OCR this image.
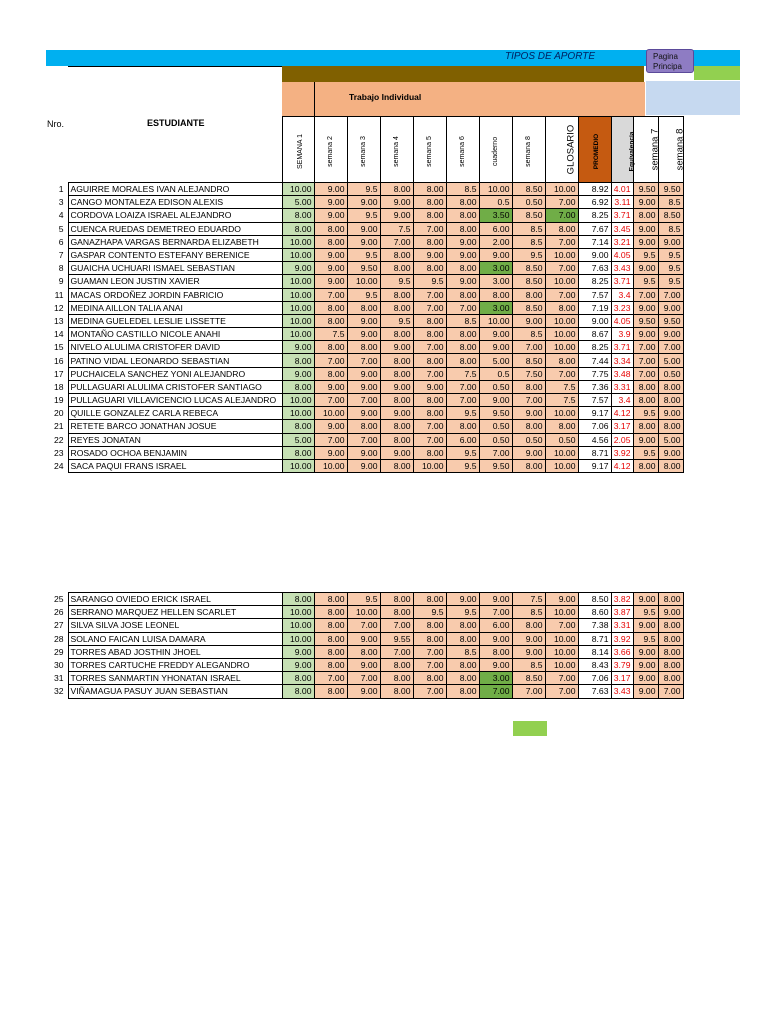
TIPOS DE APORTE	Pagina
Principa
Trabajo Individual
Nro.	ESTUDIANTE
		SEMANA 1	semana 2	semana 3	semana 4	semana 5	semana 6	cuaderno	semana 8	GLOSARIO	PROMEDIO	Equivalencia	semana 7	semana 8
1	AGUIRRE MORALES IVAN ALEJANDRO	10.00	9.00	9.5	8.00	8.00	8.5	10.00	8.50	10.00	8.92	4.01	9.50	9.50
3	CANGO MONTALEZA EDISON ALEXIS	5.00	9.00	9.00	9.00	8.00	8.00	0.5	0.50	7.00	6.92	3.11	9.00	8.5
4	CORDOVA LOAIZA ISRAEL ALEJANDRO	8.00	9.00	9.5	9.00	8.00	8.00	3.50	8.50	7.00	8.25	3.71	8.00	8.50
5	CUENCA RUEDAS DEMETREO EDUARDO	8.00	8.00	9.00	7.5	7.00	8.00	6.00	8.5	8.00	7.67	3.45	9.00	8.5
6	GANAZHAPA VARGAS BERNARDA ELIZABETH	10.00	8.00	9.00	7.00	8.00	9.00	2.00	8.5	7.00	7.14	3.21	9.00	9.00
7	GASPAR CONTENTO ESTEFANY BERENICE	10.00	9.00	9.5	8.00	9.00	9.00	9.00	9.5	10.00	9.00	4.05	9.5	9.5
8	GUAICHA UCHUARI ISMAEL SEBASTIAN	9.00	9.00	9.50	8.00	8.00	8.00	3.00	8.50	7.00	7.63	3.43	9.00	9.5
9	GUAMAN LEON JUSTIN XAVIER	10.00	9.00	10.00	9.5	9.5	9.00	3.00	8.50	10.00	8.25	3.71	9.5	9.5
11	MACAS ORDOÑEZ JORDIN FABRICIO	10.00	7.00	9.5	8.00	7.00	8.00	8.00	8.00	7.00	7.57	3.4	7.00	7.00
12	MEDINA AILLON TALIA ANAI	10.00	8.00	8.00	8.00	7.00	7.00	3.00	8.50	8.00	7.19	3.23	9.00	9.00
13	MEDINA GUELEDEL LESLIE LISSETTE	10.00	8.00	9.00	9.5	8.00	8.5	10.00	9.00	10.00	9.00	4.05	9.50	9.50
14	MONTAÑO CASTILLO NICOLE ANAHI	10.00	7.5	9.00	8.00	8.00	8.00	9.00	8.5	10.00	8.67	3.9	9.00	9.00
15	NIVELO ALULIMA CRISTOFER DAVID	9.00	8.00	8.00	9.00	7.00	8.00	9.00	7.00	10.00	8.25	3.71	7.00	7.00
16	PATINO VIDAL LEONARDO SEBASTIAN	8.00	7.00	7.00	8.00	8.00	8.00	5.00	8.50	8.00	7.44	3.34	7.00	5.00
17	PUCHAICELA SANCHEZ YONI ALEJANDRO	9.00	8.00	9.00	8.00	7.00	7.5	0.5	7.50	7.00	7.75	3.48	7.00	0.50
18	PULLAGUARI ALULIMA CRISTOFER SANTIAGO	8.00	9.00	9.00	9.00	9.00	7.00	0.50	8.00	7.5	7.36	3.31	8.00	8.00
19	PULLAGUARI VILLAVICENCIO LUCAS ALEJANDRO	10.00	7.00	7.00	8.00	8.00	7.00	9.00	7.00	7.5	7.57	3.4	8.00	8.00
20	QUILLE GONZALEZ CARLA REBECA	10.00	10.00	9.00	9.00	8.00	9.5	9.50	9.00	10.00	9.17	4.12	9.5	9.00
21	RETETE BARCO JONATHAN JOSUE	8.00	9.00	8.00	8.00	7.00	8.00	0.50	8.00	8.00	7.06	3.17	8.00	8.00
22	REYES JONATAN	5.00	7.00	7.00	8.00	7.00	6.00	0.50	0.50	0.50	4.56	2.05	9.00	5.00
23	ROSADO OCHOA BENJAMIN	8.00	9.00	9.00	9.00	8.00	9.5	7.00	9.00	10.00	8.71	3.92	9.5	9.00
24	SACA PAQUI FRANS ISRAEL	10.00	10.00	9.00	8.00	10.00	9.5	9.50	8.00	10.00	9.17	4.12	8.00	8.00
25	SARANGO OVIEDO ERICK ISRAEL	8.00	8.00	9.5	8.00	8.00	9.00	9.00	7.5	9.00	8.50	3.82	9.00	8.00
26	SERRANO MARQUEZ HELLEN SCARLET	10.00	8.00	10.00	8.00	9.5	9.5	7.00	8.5	10.00	8.60	3.87	9.5	9.00
27	SILVA SILVA JOSE LEONEL	10.00	8.00	7.00	7.00	8.00	8.00	6.00	8.00	7.00	7.38	3.31	9.00	8.00
28	SOLANO FAICAN LUISA DAMARA	10.00	8.00	9.00	9.55	8.00	8.00	9.00	9.00	10.00	8.71	3.92	9.5	8.00
29	TORRES ABAD JOSTHIN JHOEL	9.00	8.00	8.00	7.00	7.00	8.5	8.00	9.00	10.00	8.14	3.66	9.00	8.00
30	TORRES CARTUCHE FREDDY ALEGANDRO	9.00	8.00	9.00	8.00	7.00	8.00	9.00	8.5	10.00	8.43	3.79	9.00	8.00
31	TORRES SANMARTIN YHONATAN ISRAEL	8.00	7.00	7.00	8.00	8.00	8.00	3.00	8.50	7.00	7.06	3.17	9.00	8.00
32	VIÑAMAGUA PASUY JUAN SEBASTIAN	8.00	8.00	9.00	8.00	7.00	8.00	7.00	7.00	7.00	7.63	3.43	9.00	7.00
